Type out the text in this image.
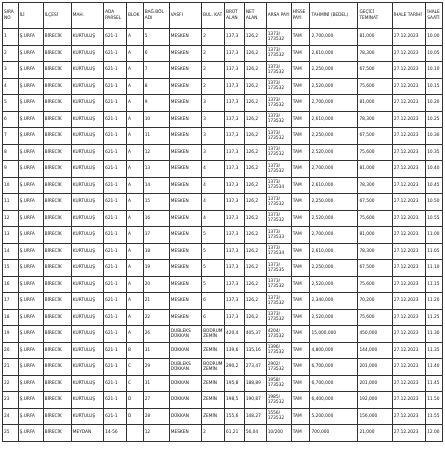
SIRA NO	İLİ	İLÇESİ	MAH.	ADA PARSEL	BLOK	BAĞ.BÖL ADI	VASFI	BUL. KAT	BRÜT ALAN	NET ALAN	ARSA PAYI	HİSSE PAYI	TAHMİNİ (BEDEL)	GEÇİCİ TEMİNAT	İHALE TARİHİ	İHALE SAATİ

1	Ş.URFA	BİRECİK	KURTULUŞ	621-1	A	5	MESKEN	2	137,3	126,2	1373/ 173532	TAM	2,700,000	81,000	27.12.2023	10.00
2	Ş.URFA	BİRECİK	KURTULUŞ	621-1	A	6	MESKEN	2	137,3	126,2	1373/ 173532	TAM	2,610,000	78,300	27.12.2023	10.05
3	Ş.URFA	BİRECİK	KURTULUŞ	621-1	A	7	MESKEN	2	137,3	126,2	1373/ 173532	TAM	2,250,000	67,500	27.12.2023	10.10
4	Ş.URFA	BİRECİK	KURTULUŞ	621-1	A	8	MESKEN	2	137,3	126,2	1373/ 173532	TAM	2,520,000	75,600	27.12.2023	10.15
5	Ş.URFA	BİRECİK	KURTULUŞ	621-1	A	9	MESKEN	3	137,3	126,2	1373/ 173532	TAM	2,700,000	81,000	27.12.2023	10.20
6	Ş.URFA	BİRECİK	KURTULUŞ	621-1	A	10	MESKEN	3	137,3	126,2	1373/ 173532	TAM	2,610,000	78,300	27.12.2023	10.25
7	Ş.URFA	BİRECİK	KURTULUŞ	621-1	A	11	MESKEN	3	137,3	126,2	1373/ 173532	TAM	2,250,000	67,500	27.12.2023	10.30
8	Ş.URFA	BİRECİK	KURTULUŞ	621-1	A	12	MESKEN	3	137,3	126,2	1373/ 173532	TAM	2,520,000	75,600	27.12.2023	10.35
9	Ş.URFA	BİRECİK	KURTULUŞ	621-1	A	13	MESKEN	4	137,3	126,2	1373/ 173532	TAM	2,700,000	81,000	27.12.2023	10.40
10	Ş.URFA	BİRECİK	KURTULUŞ	621-1	A	14	MESKEN	4	137,3	126,2	1373/ 173534	TAM	2,610,000	78,300	27.12.2023	10.45
11	Ş.URFA	BİRECİK	KURTULUŞ	621-1	A	15	MESKEN	4	137,3	126,2	1373/ 173532	TAM	2,250,000	67,500	27.12.2023	10.50
12	Ş.URFA	BİRECİK	KURTULUŞ	621-1	A	16	MESKEN	4	137,3	126,2	1373/ 173532	TAM	2,520,000	75,600	27.12.2023	10.55
13	Ş.URFA	BİRECİK	KURTULUŞ	621-1	A	17	MESKEN	5	137,3	126,2	1373/ 173533	TAM	2,700,000	81,000	27.12.2023	11.00
14	Ş.URFA	BİRECİK	KURTULUŞ	621-1	A	18	MESKEN	5	137,3	126,2	1373/ 173534	TAM	2,610,000	78,300	27.12.2023	11.05
15	Ş.URFA	BİRECİK	KURTULUŞ	621-1	A	19	MESKEN	5	137,3	126,2	1373/ 173535	TAM	2,250,000	67,500	27.12.2023	11.10
16	Ş.URFA	BİRECİK	KURTULUŞ	621-1	A	20	MESKEN	5	137,3	126,2	1373/ 173532	TAM	2,520,000	75,600	27.12.2023	11.15
17	Ş.URFA	BİRECİK	KURTULUŞ	621-1	A	21	MESKEN	6	137,3	126,2	1373/ 173532	TAM	2,340,000	70,200	27.12.2023	11.20
18	Ş.URFA	BİRECİK	KURTULUŞ	621-1	A	22	MESKEN	6	137,3	126,2	1373/ 173532	TAM	2,520,000	75,600	27.12.2023	11.25
19	Ş.URFA	BİRECİK	KURTULUŞ	621-1	A	26	DUBLEKS DÜKKAN	BODRUM ZEMİN	420,4	405,37	4204/ 173532	TAM	15,000,000	450,000	27.12.2023	11.30
20	Ş.URFA	BİRECİK	KURTULUŞ	621-1	B	31	DÜKKAN	ZEMİN	139,6	135,16	1396/ 173532	TAM	4,800,000	144,000	27.12.2023	11.35
21	Ş.URFA	BİRECİK	KURTULUŞ	621-1	C	29	DUBLEKS DÜKKAN	BODRUM ZEMİN	290,2	273,47	2902/ 173532	TAM	6,700,000	201,000	27.12.2023	11.40
22	Ş.URFA	BİRECİK	KURTULUŞ	621-1	C	31	DÜKKAN	ZEMİN	195,8	188,89	1958/ 173532	TAM	6,700,000	201,000	27.12.2023	11.45
23	Ş.URFA	BİRECİK	KURTULUŞ	621-1	D	27	DÜKKAN	ZEMİN	198,5	190,87	1985/ 173532	TAM	6,400,000	192,000	27.12.2023	11.50
24	Ş.URFA	BİRECİK	KURTULUŞ	621-1	D	28	DÜKKAN	ZEMİN	155,6	148,27	1556/ 173532	TAM	5,200,000	156,000	27.12.2023	11.55
25	Ş.URFA	BİRECİK	MEYDAN	14-56		12	MESKEN	2	61,21	56,04	10/200	TAM	700,000	21,000	27.12.2023	12.00
